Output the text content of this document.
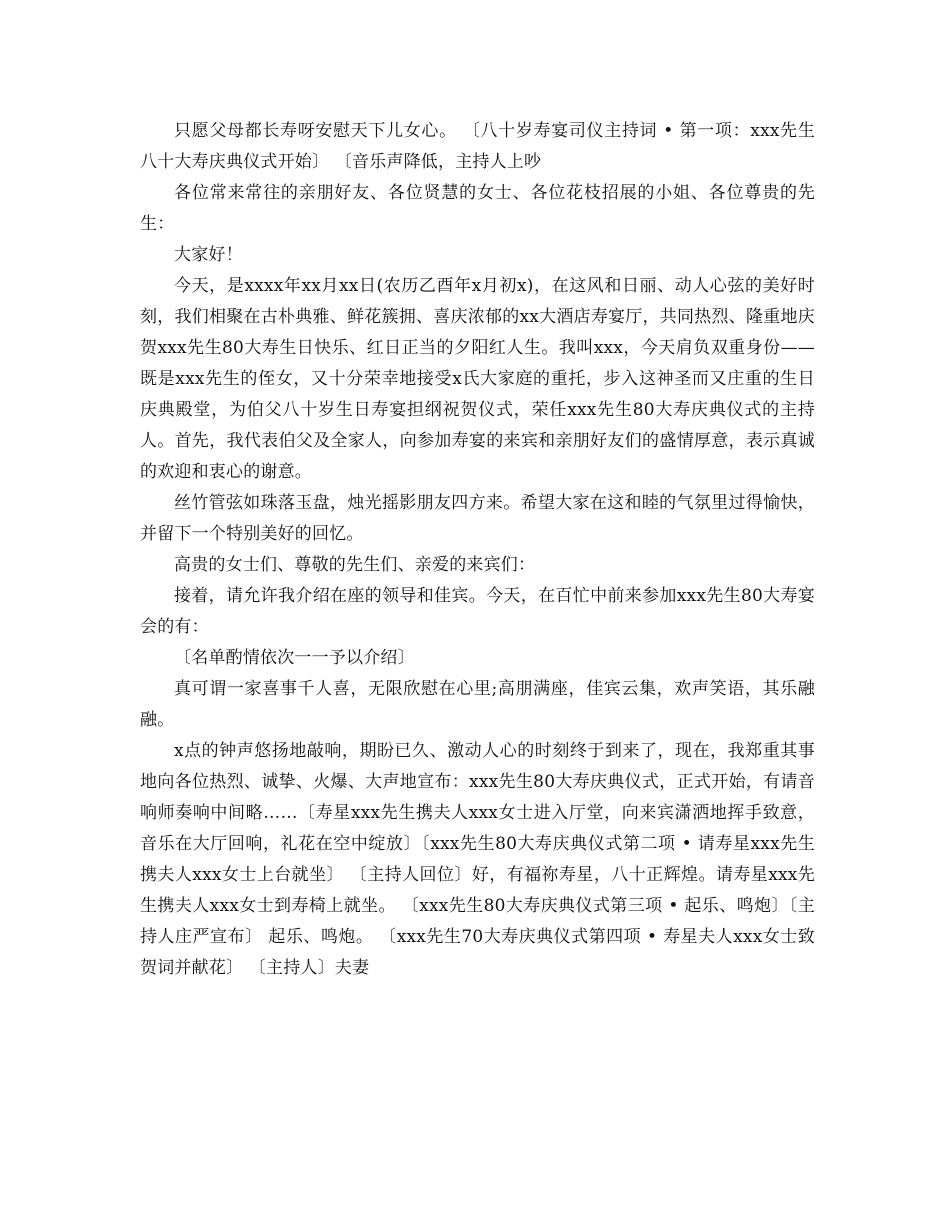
只愿父母都长寿呀安慰天下儿女心。 〔八十岁寿宴司仪主持词 • 第一项：xxx先生八十大寿庆典仪式开始〕 〔音乐声降低，主持人上吵

各位常来常往的亲朋好友、各位贤慧的女士、各位花枝招展的小姐、各位尊贵的先生：

大家好！

今天，是xxxx年xx月xx日(农历乙酉年x月初x)，在这风和日丽、动人心弦的美好时刻，我们相聚在古朴典雅、鲜花簇拥、喜庆浓郁的xx大酒店寿宴厅，共同热烈、隆重地庆贺xxx先生80大寿生日快乐、红日正当的夕阳红人生。我叫xxx，今天肩负双重身份——既是xxx先生的侄女，又十分荣幸地接受x氏大家庭的重托，步入这神圣而又庄重的生日庆典殿堂，为伯父八十岁生日寿宴担纲祝贺仪式，荣任xxx先生80大寿庆典仪式的主持人。首先，我代表伯父及全家人，向参加寿宴的来宾和亲朋好友们的盛情厚意，表示真诚的欢迎和衷心的谢意。

丝竹管弦如珠落玉盘，烛光摇影朋友四方来。希望大家在这和睦的气氛里过得愉快，并留下一个特别美好的回忆。

高贵的女士们、尊敬的先生们、亲爱的来宾们：

接着，请允许我介绍在座的领导和佳宾。今天，在百忙中前来参加xxx先生80大寿宴会的有：

〔名单酌情依次一一予以介绍〕

真可谓一家喜事千人喜，无限欣慰在心里;高朋满座，佳宾云集，欢声笑语，其乐融融。

x点的钟声悠扬地敲响，期盼已久、激动人心的时刻终于到来了，现在，我郑重其事地向各位热烈、诚挚、火爆、大声地宣布：xxx先生80大寿庆典仪式，正式开始，有请音响师奏响中间略……〔寿星xxx先生携夫人xxx女士进入厅堂，向来宾潇洒地挥手致意，音乐在大厅回响，礼花在空中绽放〕〔xxx先生80大寿庆典仪式第二项 • 请寿星xxx先生携夫人xxx女士上台就坐〕 〔主持人回位〕好，有福祢寿星，八十正辉煌。请寿星xxx先生携夫人xxx女士到寿椅上就坐。 〔xxx先生80大寿庆典仪式第三项 • 起乐、鸣炮〕〔主持人庄严宣布〕 起乐、鸣炮。 〔xxx先生70大寿庆典仪式第四项 • 寿星夫人xxx女士致贺词并献花〕 〔主持人〕夫妻
